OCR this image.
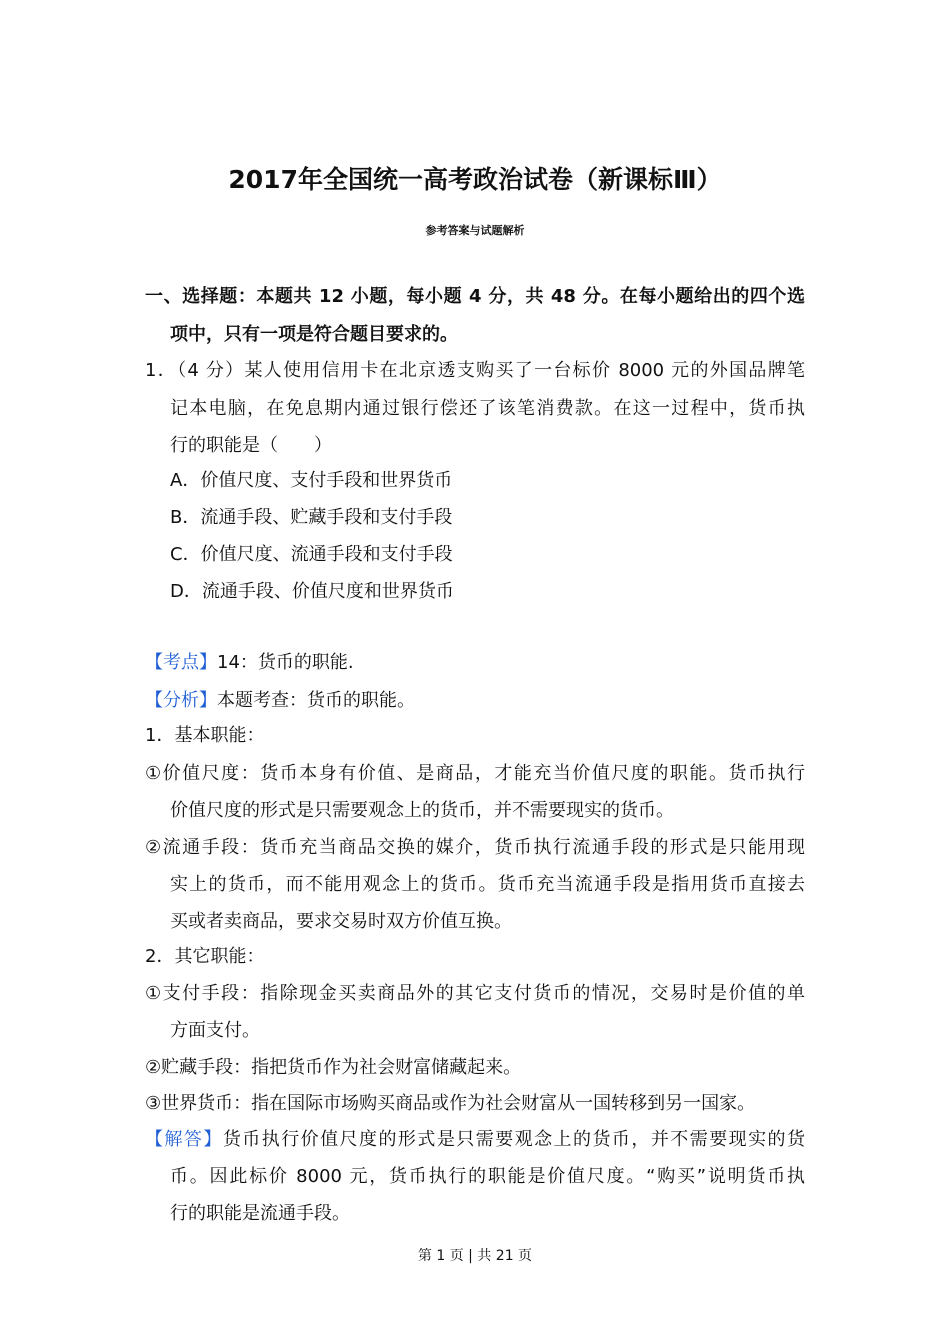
2017年全国统一高考政治试卷（新课标Ⅲ）
参考答案与试题解析
一、选择题：本题共 12 小题，每小题 4 分，共 48 分。在每小题给出的四个选
项中，只有一项是符合题目要求的。
1．（4 分）某人使用信用卡在北京透支购买了一台标价 8000 元的外国品牌笔
记本电脑，在免息期内通过银行偿还了该笔消费款。在这一过程中，货币执
行的职能是（　　）
A．价值尺度、支付手段和世界货币
B．流通手段、贮藏手段和支付手段
C．价值尺度、流通手段和支付手段
D．流通手段、价值尺度和世界货币
【考点】14：货币的职能.
【分析】本题考查：货币的职能。
1．基本职能：
①价值尺度：货币本身有价值、是商品，才能充当价值尺度的职能。货币执行
价值尺度的形式是只需要观念上的货币，并不需要现实的货币。
②流通手段：货币充当商品交换的媒介，货币执行流通手段的形式是只能用现
实上的货币，而不能用观念上的货币。货币充当流通手段是指用货币直接去
买或者卖商品，要求交易时双方价值互换。
2．其它职能：
①支付手段：指除现金买卖商品外的其它支付货币的情况，交易时是价值的单
方面支付。
②贮藏手段：指把货币作为社会财富储藏起来。
③世界货币：指在国际市场购买商品或作为社会财富从一国转移到另一国家。
【解答】货币执行价值尺度的形式是只需要观念上的货币，并不需要现实的货
币。因此标价 8000 元，货币执行的职能是价值尺度。“购买”说明货币执
行的职能是流通手段。
第 1 页 | 共 21 页
